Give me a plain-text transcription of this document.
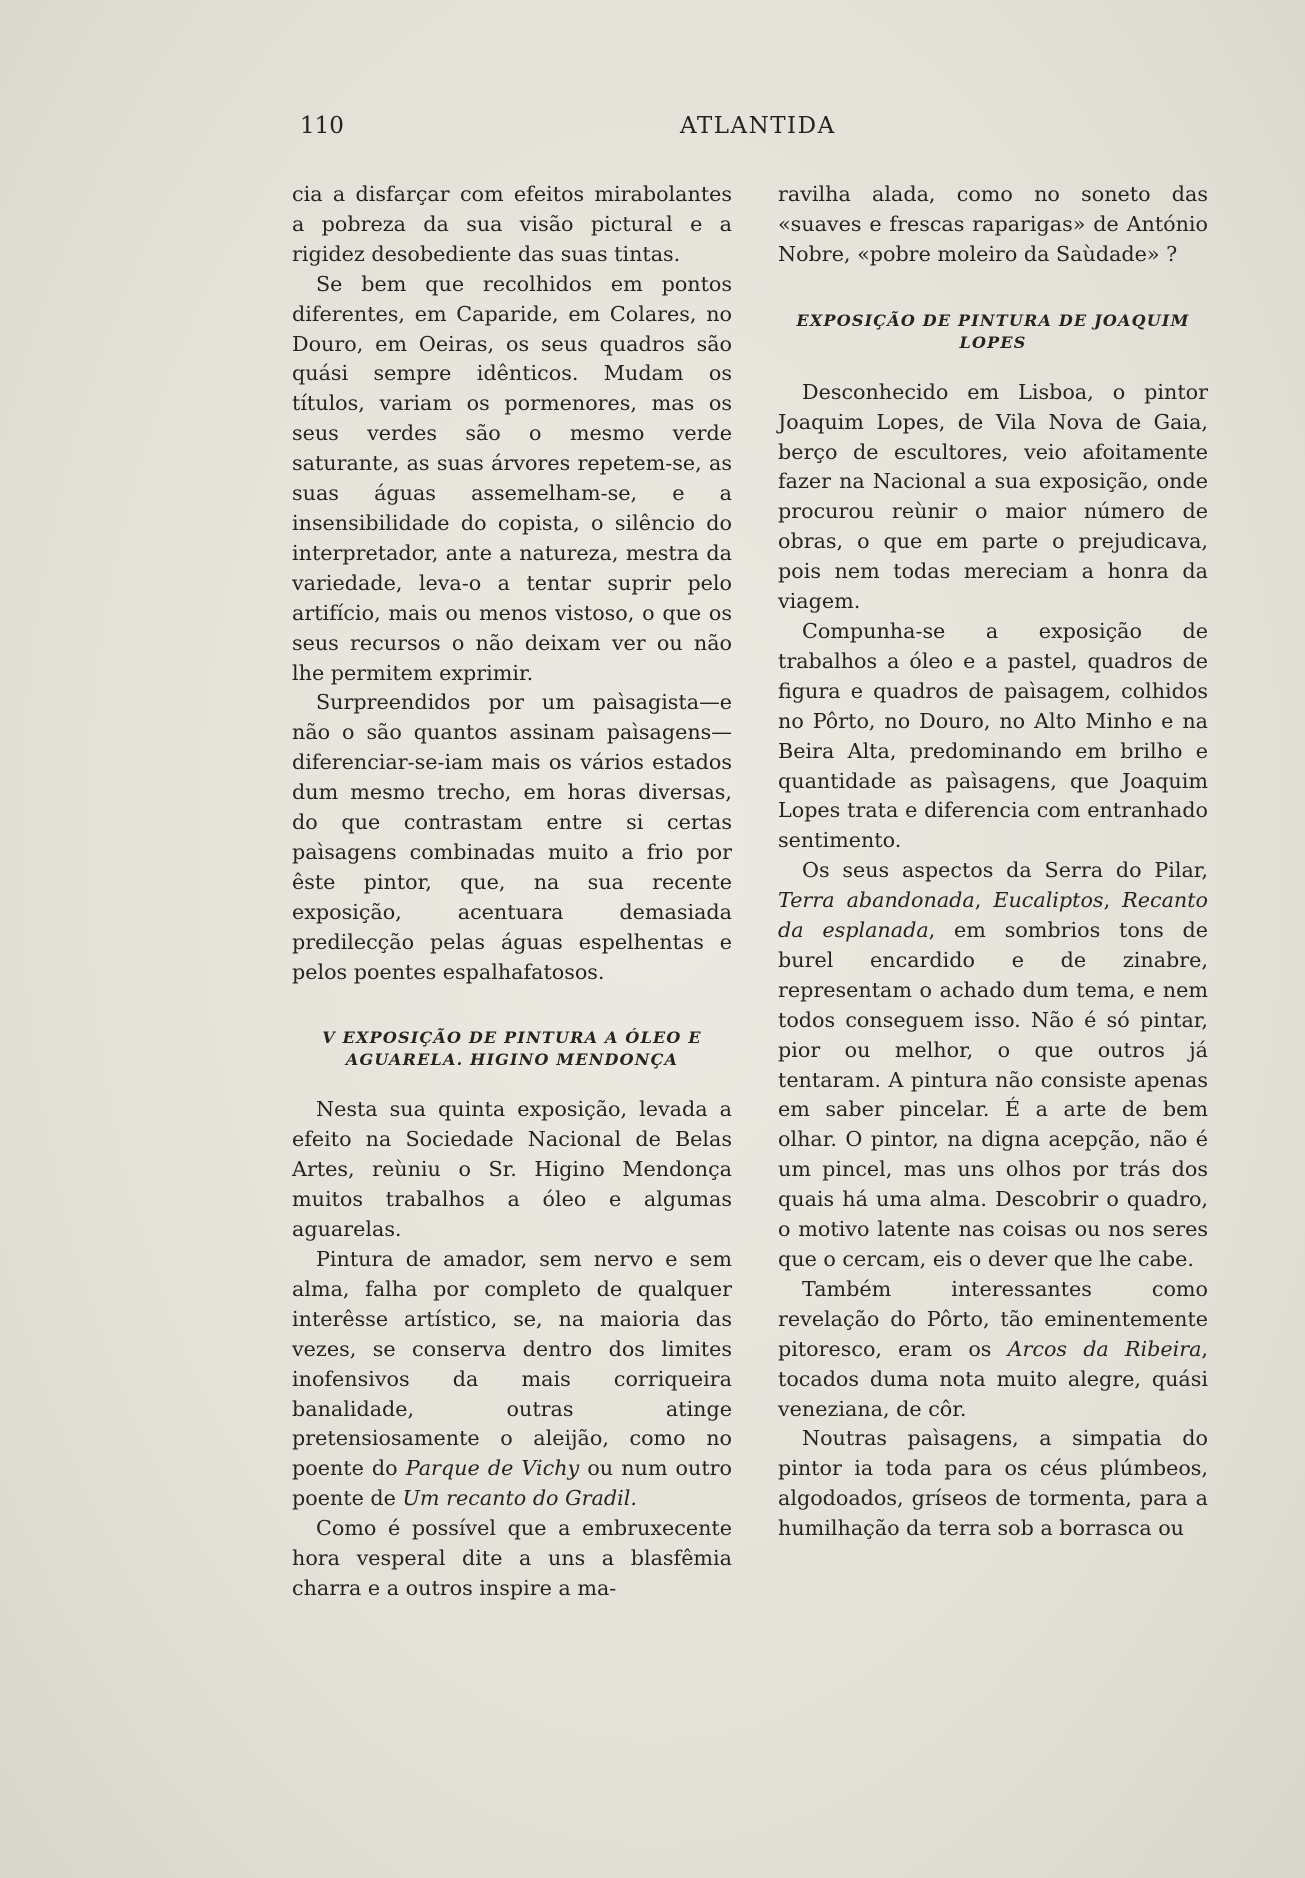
110	ATLANTIDA

cia a disfarçar com efeitos mirabolantes a pobreza da sua visão pictural e a rigidez desobediente das suas tintas.

Se bem que recolhidos em pontos diferentes, em Caparide, em Colares, no Douro, em Oeiras, os seus quadros são quási sempre idênticos. Mudam os títulos, variam os pormenores, mas os seus verdes são o mesmo verde saturante, as suas árvores repetem-se, as suas águas assemelham-se, e a insensibilidade do copista, o silêncio do interpretador, ante a natureza, mestra da variedade, leva-o a tentar suprir pelo artifício, mais ou menos vistoso, o que os seus recursos o não deixam ver ou não lhe permitem exprimir.

Surpreendidos por um paìsagista—e não o são quantos assinam paìsagens—diferenciar-se-iam mais os vários estados dum mesmo trecho, em horas diversas, do que contrastam entre si certas paìsagens combinadas muito a frio por êste pintor, que, na sua recente exposição, acentuara demasiada predilecção pelas águas espelhentas e pelos poentes espalhafatosos.

V EXPOSIÇÃO DE PINTURA A ÓLEO E AGUARELA. HIGINO MENDONÇA

Nesta sua quinta exposição, levada a efeito na Sociedade Nacional de Belas Artes, reùniu o Sr. Higino Mendonça muitos trabalhos a óleo e algumas aguarelas.

Pintura de amador, sem nervo e sem alma, falha por completo de qualquer interêsse artístico, se, na maioria das vezes, se conserva dentro dos limites inofensivos da mais corriqueira banalidade, outras atinge pretensiosamente o aleijão, como no poente do Parque de Vichy ou num outro poente de Um recanto do Gradil.

Como é possível que a embruxecente hora vesperal dite a uns a blasfêmia charra e a outros inspire a ma-

ravilha alada, como no soneto das «suaves e frescas raparigas» de António Nobre, «pobre moleiro da Saùdade» ?

EXPOSIÇÃO DE PINTURA DE JOAQUIM LOPES

Desconhecido em Lisboa, o pintor Joaquim Lopes, de Vila Nova de Gaia, berço de escultores, veio afoitamente fazer na Nacional a sua exposição, onde procurou reùnir o maior número de obras, o que em parte o prejudicava, pois nem todas mereciam a honra da viagem.

Compunha-se a exposição de trabalhos a óleo e a pastel, quadros de figura e quadros de paìsagem, colhidos no Pôrto, no Douro, no Alto Minho e na Beira Alta, predominando em brilho e quantidade as paìsagens, que Joaquim Lopes trata e diferencia com entranhado sentimento.

Os seus aspectos da Serra do Pilar, Terra abandonada, Eucaliptos, Recanto da esplanada, em sombrios tons de burel encardido e de zinabre, representam o achado dum tema, e nem todos conseguem isso. Não é só pintar, pior ou melhor, o que outros já tentaram. A pintura não consiste apenas em saber pincelar. É a arte de bem olhar. O pintor, na digna acepção, não é um pincel, mas uns olhos por trás dos quais há uma alma. Descobrir o quadro, o motivo latente nas coisas ou nos seres que o cercam, eis o dever que lhe cabe.

Também interessantes como revelação do Pôrto, tão eminentemente pitoresco, eram os Arcos da Ribeira, tocados duma nota muito alegre, quási veneziana, de côr.

Noutras paìsagens, a simpatia do pintor ia toda para os céus plúmbeos, algodoados, gríseos de tormenta, para a humilhação da terra sob a borrasca ou
